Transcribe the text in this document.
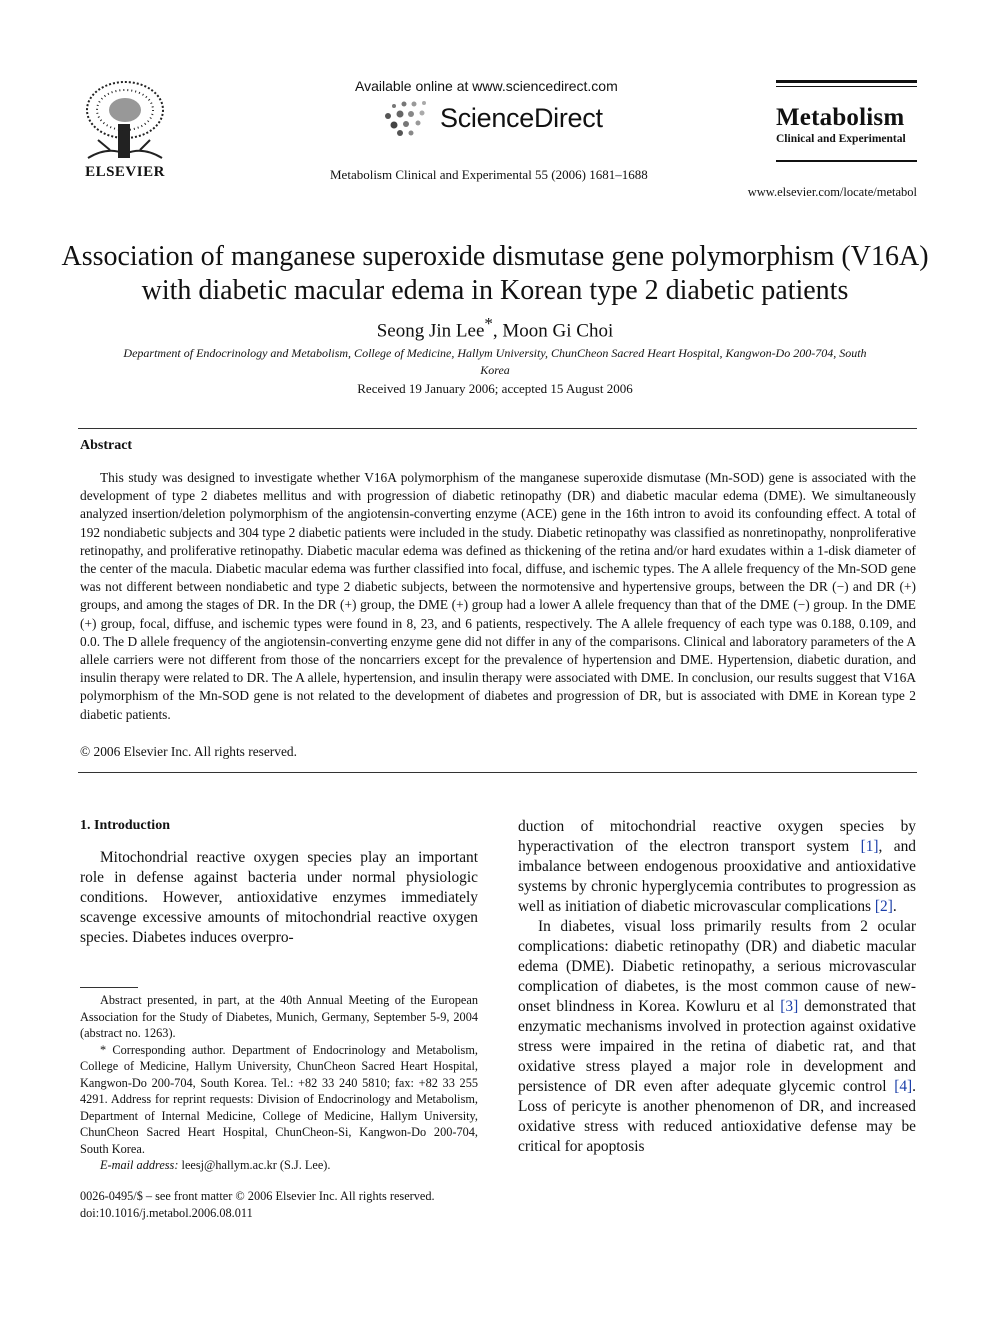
ELSEVIER
Available online at www.sciencedirect.com
ScienceDirect
Metabolism Clinical and Experimental 55 (2006) 1681–1688
Metabolism
Clinical and Experimental
www.elsevier.com/locate/metabol
Association of manganese superoxide dismutase gene polymorphism (V16A) with diabetic macular edema in Korean type 2 diabetic patients
Seong Jin Lee*, Moon Gi Choi
Department of Endocrinology and Metabolism, College of Medicine, Hallym University, ChunCheon Sacred Heart Hospital, Kangwon-Do 200-704, South Korea
Received 19 January 2006; accepted 15 August 2006
Abstract
This study was designed to investigate whether V16A polymorphism of the manganese superoxide dismutase (Mn-SOD) gene is associated with the development of type 2 diabetes mellitus and with progression of diabetic retinopathy (DR) and diabetic macular edema (DME). We simultaneously analyzed insertion/deletion polymorphism of the angiotensin-converting enzyme (ACE) gene in the 16th intron to avoid its confounding effect. A total of 192 nondiabetic subjects and 304 type 2 diabetic patients were included in the study. Diabetic retinopathy was classified as nonretinopathy, nonproliferative retinopathy, and proliferative retinopathy. Diabetic macular edema was defined as thickening of the retina and/or hard exudates within a 1-disk diameter of the center of the macula. Diabetic macular edema was further classified into focal, diffuse, and ischemic types. The A allele frequency of the Mn-SOD gene was not different between nondiabetic and type 2 diabetic subjects, between the normotensive and hypertensive groups, between the DR (−) and DR (+) groups, and among the stages of DR. In the DR (+) group, the DME (+) group had a lower A allele frequency than that of the DME (−) group. In the DME (+) group, focal, diffuse, and ischemic types were found in 8, 23, and 6 patients, respectively. The A allele frequency of each type was 0.188, 0.109, and 0.0. The D allele frequency of the angiotensin-converting enzyme gene did not differ in any of the comparisons. Clinical and laboratory parameters of the A allele carriers were not different from those of the noncarriers except for the prevalence of hypertension and DME. Hypertension, diabetic duration, and insulin therapy were related to DR. The A allele, hypertension, and insulin therapy were associated with DME. In conclusion, our results suggest that V16A polymorphism of the Mn-SOD gene is not related to the development of diabetes and progression of DR, but is associated with DME in Korean type 2 diabetic patients.
© 2006 Elsevier Inc. All rights reserved.
1. Introduction
Mitochondrial reactive oxygen species play an important role in defense against bacteria under normal physiologic conditions. However, antioxidative enzymes immediately scavenge excessive amounts of mitochondrial reactive oxygen species. Diabetes induces overpro-

duction of mitochondrial reactive oxygen species by hyperactivation of the electron transport system [1], and imbalance between endogenous prooxidative and antioxidative systems by chronic hyperglycemia contributes to progression as well as initiation of diabetic microvascular complications [2].

In diabetes, visual loss primarily results from 2 ocular complications: diabetic retinopathy (DR) and diabetic macular edema (DME). Diabetic retinopathy, a serious microvascular complication of diabetes, is the most common cause of new-onset blindness in Korea. Kowluru et al [3] demonstrated that enzymatic mechanisms involved in protection against oxidative stress were impaired in the retina of diabetic rat, and that oxidative stress played a major role in development and persistence of DR even after adequate glycemic control [4]. Loss of pericyte is another phenomenon of DR, and increased oxidative stress with reduced antioxidative defense may be critical for apoptosis

Abstract presented, in part, at the 40th Annual Meeting of the European Association for the Study of Diabetes, Munich, Germany, September 5-9, 2004 (abstract no. 1263).

* Corresponding author. Department of Endocrinology and Metabolism, College of Medicine, Hallym University, ChunCheon Sacred Heart Hospital, Kangwon-Do 200-704, South Korea. Tel.: +82 33 240 5810; fax: +82 33 255 4291. Address for reprint requests: Division of Endocrinology and Metabolism, Department of Internal Medicine, College of Medicine, Hallym University, ChunCheon Sacred Heart Hospital, ChunCheon-Si, Kangwon-Do 200-704, South Korea.

E-mail address: leesj@hallym.ac.kr (S.J. Lee).

0026-0495/$ – see front matter © 2006 Elsevier Inc. All rights reserved.
doi:10.1016/j.metabol.2006.08.011
